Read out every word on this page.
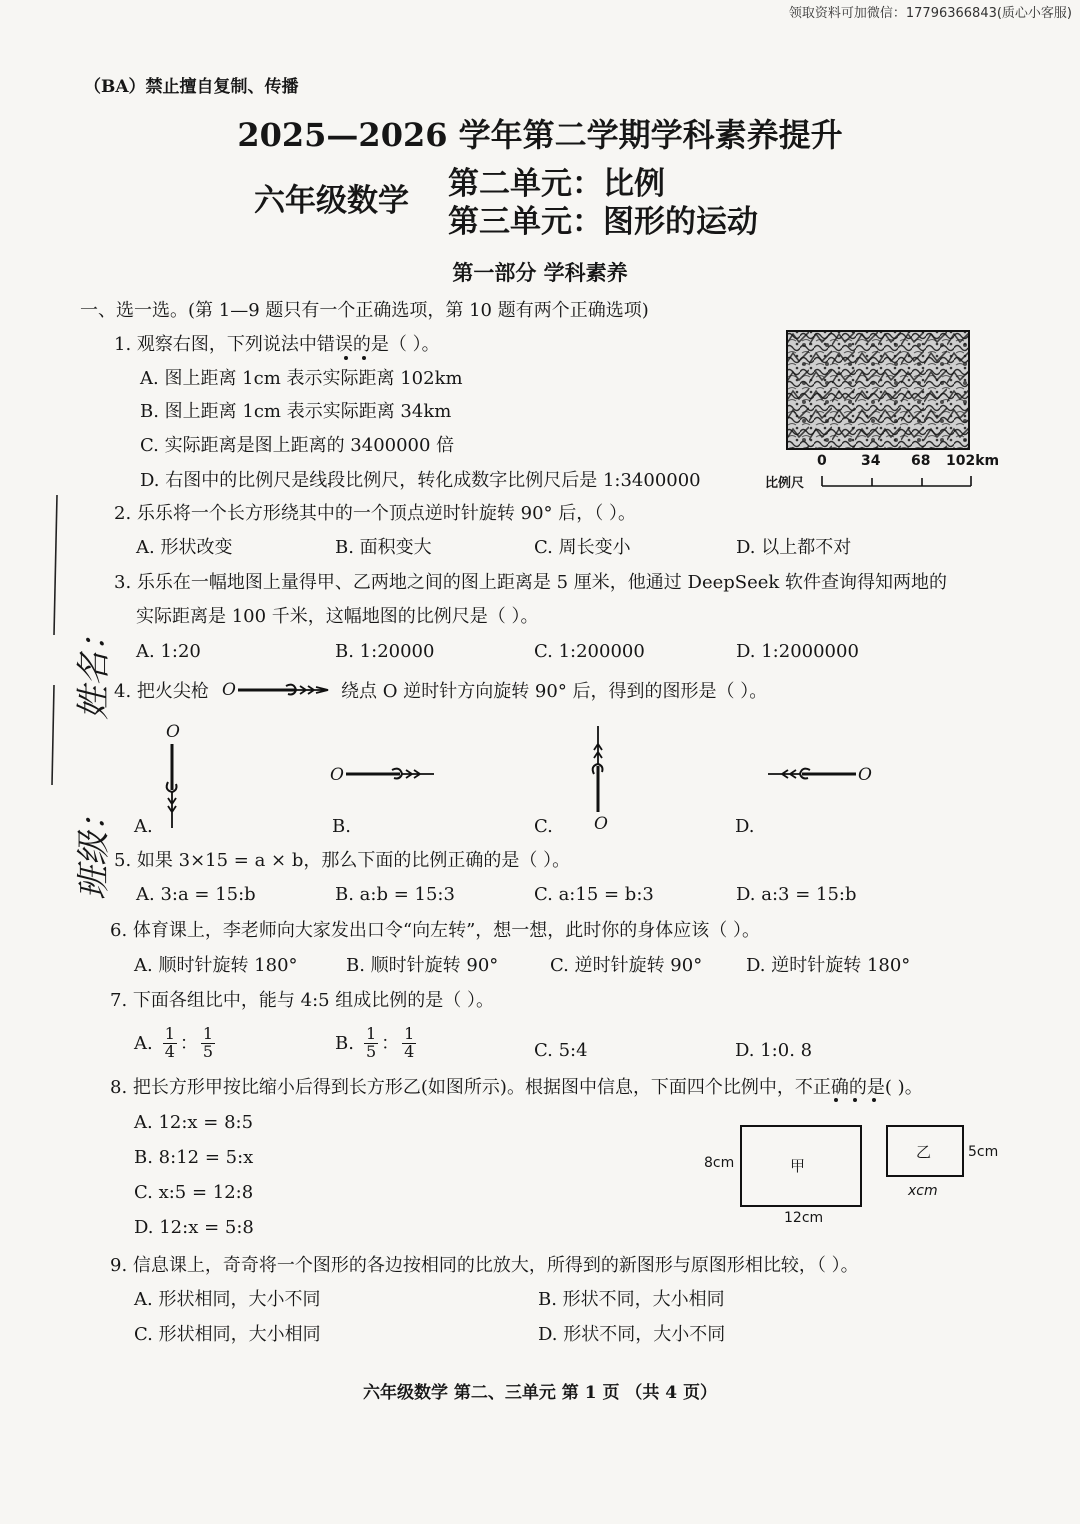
领取资料可加微信：17796366843(质心小客服)
（BA）禁止擅自复制、传播
2025—2026 学年第二学期学科素养提升
六年级数学 第二单元：比例
第三单元：图形的运动
第一部分 学科素养
一、选一选。(第 1—9 题只有一个正确选项，第 10 题有两个正确选项)
班级：
姓名：
1. 观察右图，下列说法中错误的是（ ）。
A. 图上距离 1cm 表示实际距离 102km
B. 图上距离 1cm 表示实际距离 34km
C. 实际距离是图上距离的 3400000 倍
D. 右图中的比例尺是线段比例尺，转化成数字比例尺后是 1:3400000	比例尺
0 34 68 102km
2. 乐乐将一个长方形绕其中的一个顶点逆时针旋转 90° 后，（ ）。
A. 形状改变	B. 面积变大	C. 周长变小	D. 以上都不对
3. 乐乐在一幅地图上量得甲、乙两地之间的图上距离是 5 厘米，他通过 DeepSeek 软件查询得知两地的
实际距离是 100 千米，这幅地图的比例尺是（ ）。
A. 1:20	B. 1:20000	C. 1:200000	D. 1:2000000
4. 把火尖枪 O	绕点 O 逆时针方向旋转 90° 后，得到的图形是（ ）。
O
A.
O
B.	O
C.
O
D.
5. 如果 3×15 = a × b，那么下面的比例正确的是（ ）。
A. 3:a = 15:b	B. a:b = 15:3	C. a:15 = b:3	D. a:3 = 15:b
6. 体育课上，李老师向大家发出口令“向左转”，想一想，此时你的身体应该（ ）。
A. 顺时针旋转 180°	B. 顺时针旋转 90°	C. 逆时针旋转 90° D. 逆时针旋转 180°
7. 下面各组比中，能与 4:5 组成比例的是（ ）。
A. $\frac{1}{4}$ ： $\frac{1}{5}$	B. $\frac{1}{5}$ ： $\frac{1}{4}$	C. 5:4	D. 1:0. 8
8. 把长方形甲按比缩小后得到长方形乙(如图所示)。根据图中信息，下面四个比例中，不正确的是( )。
A. 12:x = 8:5
B. 8:12 = 5:x
C. x:5 = 12:8
D. 12:x = 5:8
甲
8cm
12cm
乙	5cm
xcm
9. 信息课上，奇奇将一个图形的各边按相同的比放大，所得到的新图形与原图形相比较，（ ）。
A. 形状相同，大小不同	B. 形状不同，大小相同
C. 形状相同，大小相同	D. 形状不同，大小不同
六年级数学 第二、三单元 第 1 页 （共 4 页）
